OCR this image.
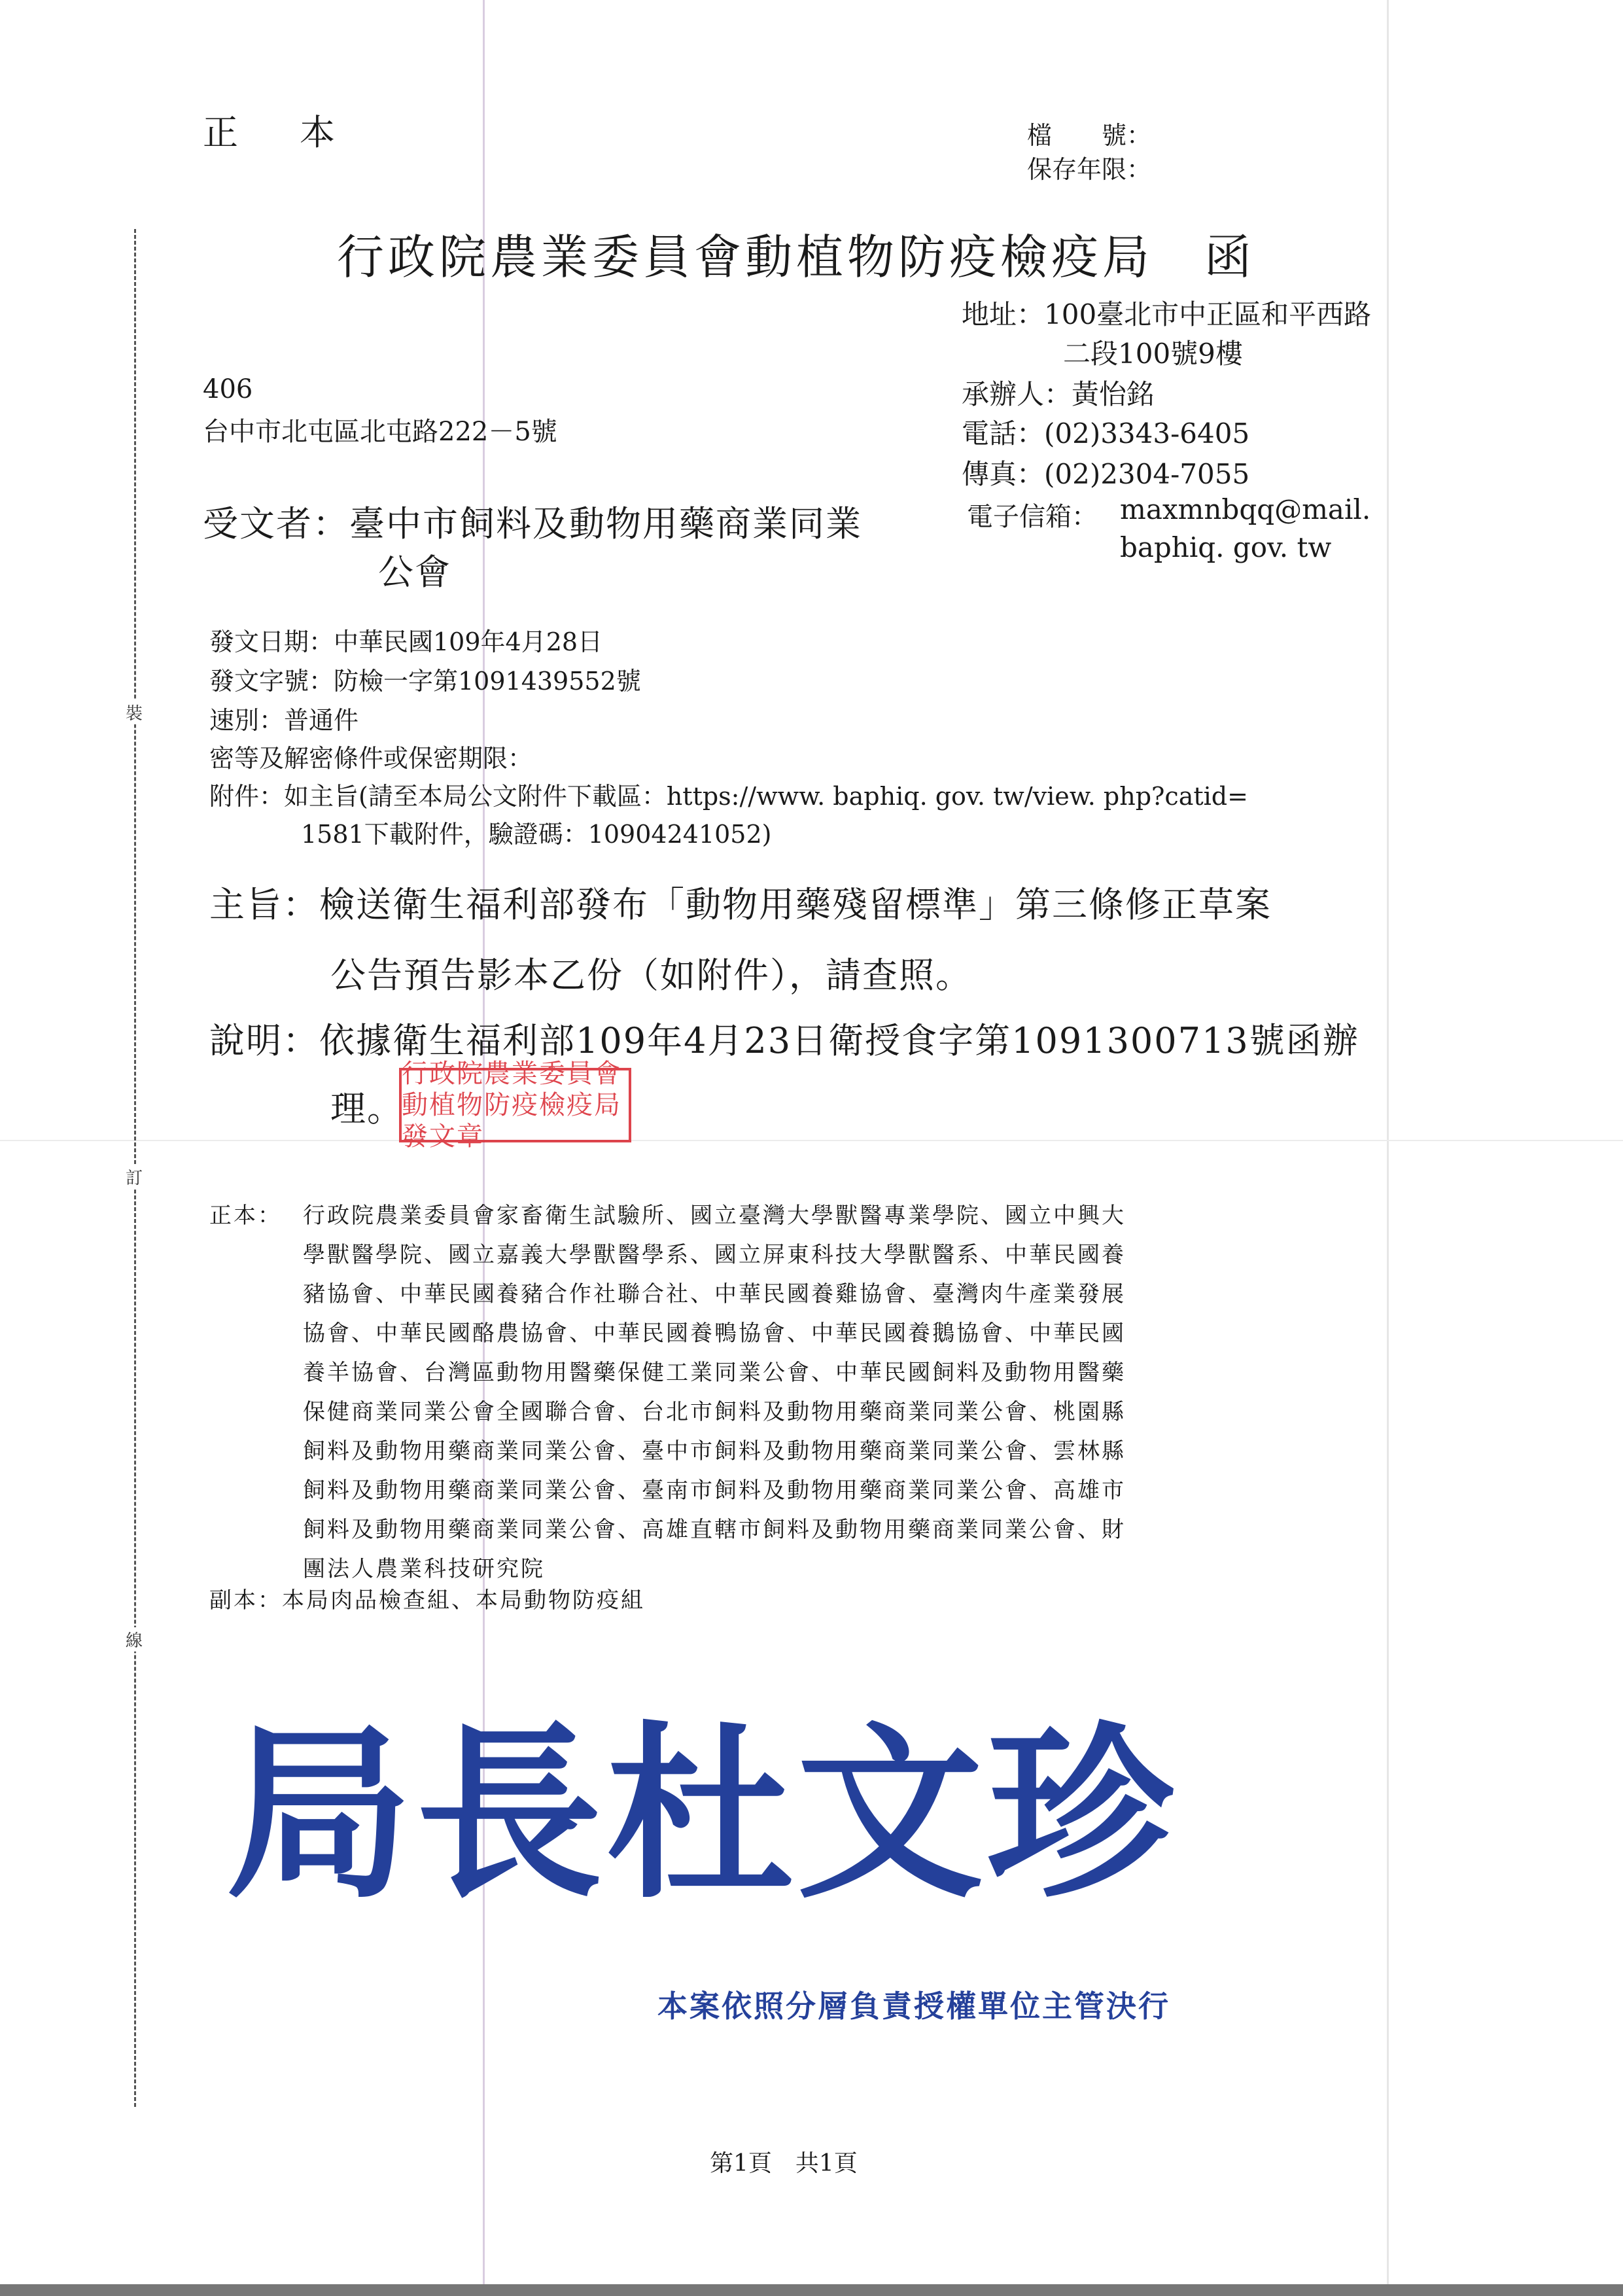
裝
訂
線
正　本	檔　　號：
保存年限：
行政院農業委員會動植物防疫檢疫局　函
地址：100臺北市中正區和平西路
二段100號9樓
承辦人：黃怡銘
電話：(02)3343-6405
傳真：(02)2304-7055
電子信箱： maxmnbqq@mail.
baphiq. gov. tw
406
台中市北屯區北屯路222－5號
受文者：臺中市飼料及動物用藥商業同業
公會
發文日期：中華民國109年4月28日
發文字號：防檢一字第1091439552號
速別：普通件
密等及解密條件或保密期限：
附件：如主旨(請至本局公文附件下載區：https://www. baphiq. gov. tw/view. php?catid=
1581下載附件，驗證碼：10904241052)
主旨：檢送衛生福利部發布「動物用藥殘留標準」第三條修正草案
公告預告影本乙份（如附件），請查照。
說明：依據衛生福利部109年4月23日衛授食字第1091300713號函辦
理。
行政院農業委員會動植物防疫檢疫局發文章
正本： 行政院農業委員會家畜衛生試驗所、國立臺灣大學獸醫專業學院、國立中興大
學獸醫學院、國立嘉義大學獸醫學系、國立屏東科技大學獸醫系、中華民國養
豬協會、中華民國養豬合作社聯合社、中華民國養雞協會、臺灣肉牛產業發展
協會、中華民國酪農協會、中華民國養鴨協會、中華民國養鵝協會、中華民國
養羊協會、台灣區動物用醫藥保健工業同業公會、中華民國飼料及動物用醫藥
保健商業同業公會全國聯合會、台北市飼料及動物用藥商業同業公會、桃園縣
飼料及動物用藥商業同業公會、臺中市飼料及動物用藥商業同業公會、雲林縣
飼料及動物用藥商業同業公會、臺南市飼料及動物用藥商業同業公會、高雄市
飼料及動物用藥商業同業公會、高雄直轄市飼料及動物用藥商業同業公會、財
團法人農業科技研究院
副本：本局肉品檢查組、本局動物防疫組
局長杜文珍
本案依照分層負責授權單位主管決行
第1頁　共1頁
